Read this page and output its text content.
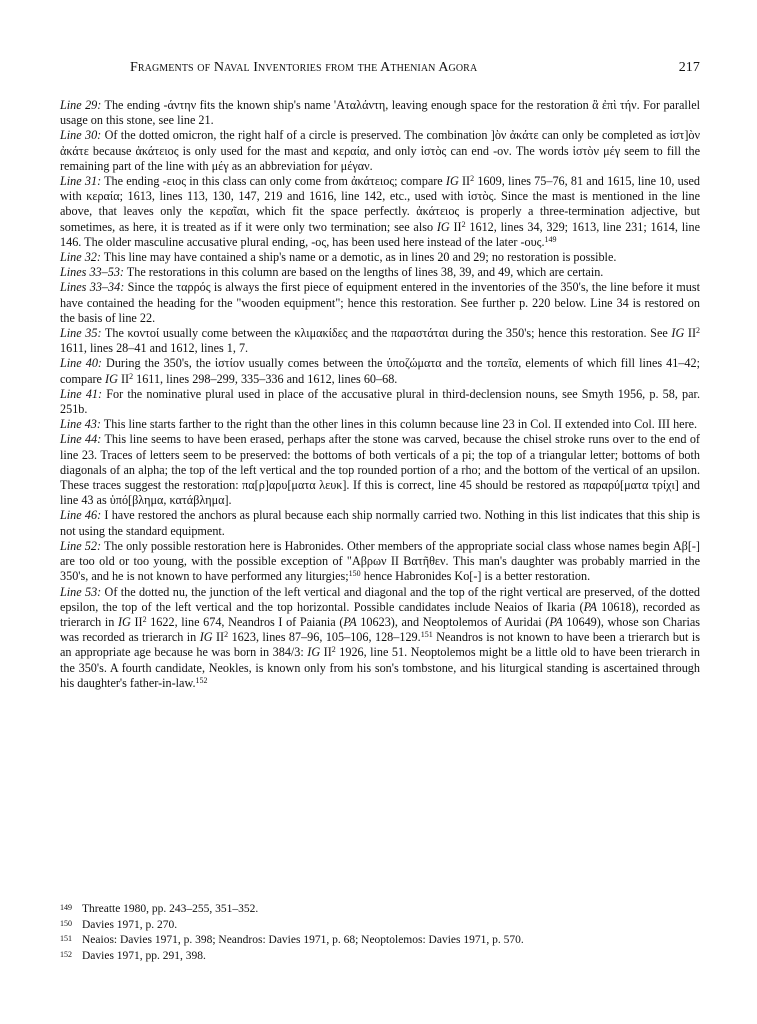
Fragments of Naval Inventories from the Athenian Agora	217

Line 29: The ending -άντην fits the known ship's name 'Αταλάντη, leaving enough space for the restoration ἃ ἐπὶ τήν. For parallel usage on this stone, see line 21.

Line 30: Of the dotted omicron, the right half of a circle is preserved. The combination ]ὸν ἀκάτε can only be completed as ἱστ]ὸν ἀκάτε because ἀκάτειος is only used for the mast and κεραία, and only ἱστὸς can end -ον. The words ἱστὸν μέγ seem to fill the remaining part of the line with μέγ as an abbreviation for μέγαν.

Line 31: The ending -ειος in this class can only come from ἀκάτειος; compare IG $II^2$ 1609, lines 75–76, 81 and 1615, line 10, used with κεραία; 1613, lines 113, 130, 147, 219 and 1616, line 142, etc., used with ἱστὸς. Since the mast is mentioned in the line above, that leaves only the κεραῖαι, which fit the space perfectly. ἀκάτειος is properly a three-termination adjective, but sometimes, as here, it is treated as if it were only two termination; see also IG $II^2$ 1612, lines 34, 329; 1613, line 231; 1614, line 146. The older masculine accusative plural ending, -ος, has been used here instead of the later -ους.$^{149}$

Line 32: This line may have contained a ship's name or a demotic, as in lines 20 and 29; no restoration is possible.

Lines 33–53: The restorations in this column are based on the lengths of lines 38, 39, and 49, which are certain.

Lines 33–34: Since the ταρρός is always the first piece of equipment entered in the inventories of the 350's, the line before it must have contained the heading for the "wooden equipment"; hence this restoration. See further p. 220 below. Line 34 is restored on the basis of line 22.

Line 35: The κοντοί usually come between the κλιμακίδες and the παραστάται during the 350's; hence this restoration. See IG $II^2$ 1611, lines 28–41 and 1612, lines 1, 7.

Line 40: During the 350's, the ἱστίον usually comes between the ὑποζώματα and the τοπεῖα, elements of which fill lines 41–42; compare IG $II^2$ 1611, lines 298–299, 335–336 and 1612, lines 60–68.

Line 41: For the nominative plural used in place of the accusative plural in third-declension nouns, see Smyth 1956, p. 58, par. 251b.

Line 43: This line starts farther to the right than the other lines in this column because line 23 in Col. II extended into Col. III here.

Line 44: This line seems to have been erased, perhaps after the stone was carved, because the chisel stroke runs over to the end of line 23. Traces of letters seem to be preserved: the bottoms of both verticals of a pi; the top of a triangular letter; bottoms of both diagonals of an alpha; the top of the left vertical and the top rounded portion of a rho; and the bottom of the vertical of an upsilon. These traces suggest the restoration: πα[ρ]αρυ[ματα λευκ]. If this is correct, line 45 should be restored as παραρύ[ματα τρίχι] and line 43 as ὑπό[βλημα, κατάβλημα].

Line 46: I have restored the anchors as plural because each ship normally carried two. Nothing in this list indicates that this ship is not using the standard equipment.

Line 52: The only possible restoration here is Habronides. Other members of the appropriate social class whose names begin Αβ[-] are too old or too young, with the possible exception of "Αβρων II Βατῆθεν. This man's daughter was probably married in the 350's, and he is not known to have performed any liturgies;$^{150}$ hence Habronides Κο[-] is a better restoration.

Line 53: Of the dotted nu, the junction of the left vertical and diagonal and the top of the right vertical are preserved, of the dotted epsilon, the top of the left vertical and the top horizontal. Possible candidates include Neaios of Ikaria (PA 10618), recorded as trierarch in IG $II^2$ 1622, line 674, Neandros I of Paiania (PA 10623), and Neoptolemos of Auridai (PA 10649), whose son Charias was recorded as trierarch in IG $II^2$ 1623, lines 87–96, 105–106, 128–129.$^{151}$ Neandros is not known to have been a trierarch but is an appropriate age because he was born in 384/3: IG $II^2$ 1926, line 51. Neoptolemos might be a little old to have been trierarch in the 350's. A fourth candidate, Neokles, is known only from his son's tombstone, and his liturgical standing is ascertained through his daughter's father-in-law.$^{152}$

149 Threatte 1980, pp. 243–255, 351–352.

150 Davies 1971, p. 270.

151 Neaios: Davies 1971, p. 398; Neandros: Davies 1971, p. 68; Neoptolemos: Davies 1971, p. 570.

152 Davies 1971, pp. 291, 398.
